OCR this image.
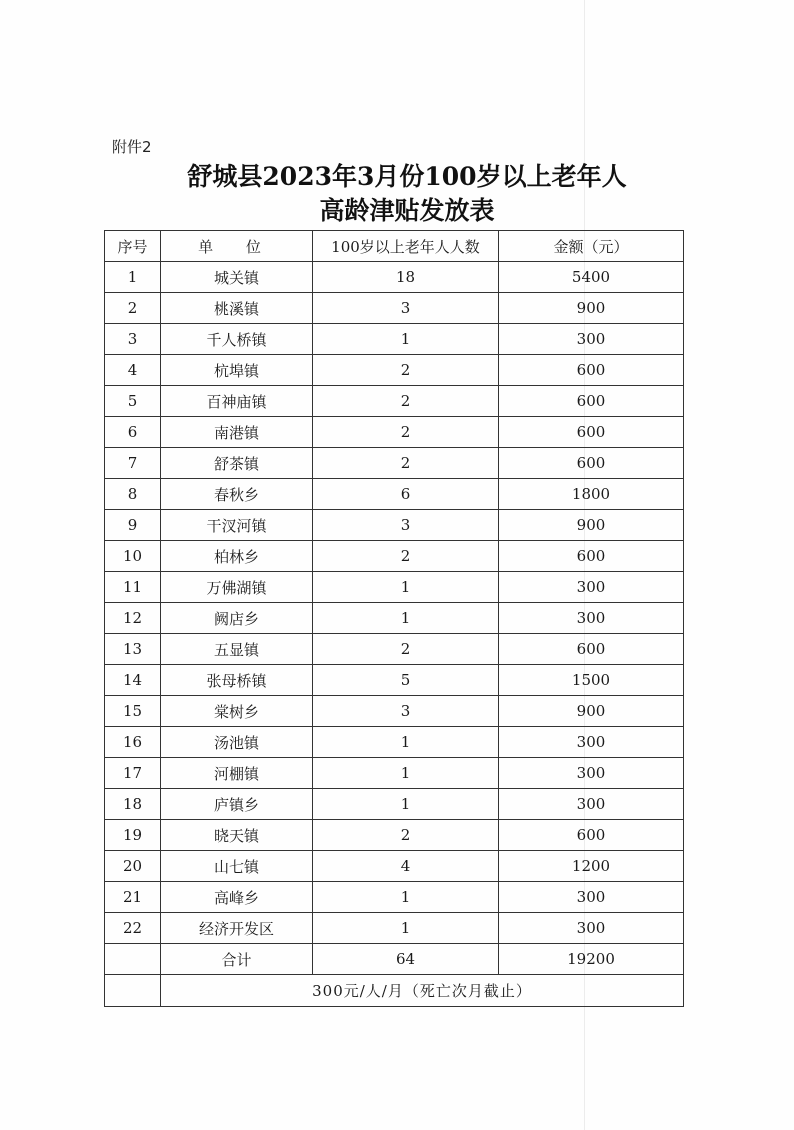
附件2
舒城县2023年3月份100岁以上老年人
高龄津贴发放表
序号	单 位	100岁以上老年人人数	金额（元）
1	城关镇	18	5400
2	桃溪镇	3	900
3	千人桥镇	1	300
4	杭埠镇	2	600
5	百神庙镇	2	600
6	南港镇	2	600
7	舒茶镇	2	600
8	春秋乡	6	1800
9	干汊河镇	3	900
10	柏林乡	2	600
11	万佛湖镇	1	300
12	阙店乡	1	300
13	五显镇	2	600
14	张母桥镇	5	1500
15	棠树乡	3	900
16	汤池镇	1	300
17	河棚镇	1	300
18	庐镇乡	1	300
19	晓天镇	2	600
20	山七镇	4	1200
21	高峰乡	1	300
22	经济开发区	1	300
	合计	64	19200
	300元/人/月（死亡次月截止）		
